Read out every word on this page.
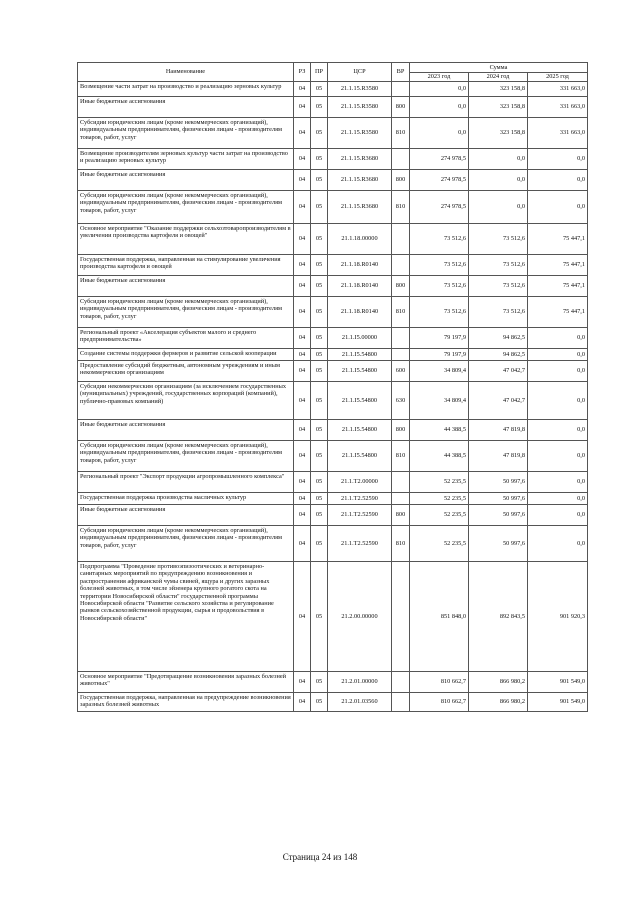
Наименование	РЗ	ПР	ЦСР	ВР	Сумма		
					2023 год	2024 год	2025 год
Возмещение части затрат на производство и реализацию зерновых культур	04	05	21.1.15.R3580		0,0	323 158,8	331 663,0
Иные бюджетные ассигнования	04	05	21.1.15.R3580	800	0,0	323 158,8	331 663,0
Субсидии юридическим лицам (кроме некоммерческих организаций), индивидуальным предпринимателям, физическим лицам - производителям товаров, работ, услуг	04	05	21.1.15.R3580	810	0,0	323 158,8	331 663,0
Возмещение производителям зерновых культур части затрат на производство и реализацию зерновых культур	04	05	21.1.15.R3680		274 978,5	0,0	0,0
Иные бюджетные ассигнования	04	05	21.1.15.R3680	800	274 978,5	0,0	0,0
Субсидии юридическим лицам (кроме некоммерческих организаций), индивидуальным предпринимателям, физическим лицам - производителям товаров, работ, услуг	04	05	21.1.15.R3680	810	274 978,5	0,0	0,0
Основное мероприятие "Оказание поддержки сельхозтоваропроизводителям в увеличении производства картофеля и овощей"	04	05	21.1.18.00000		73 512,6	73 512,6	75 447,1
Государственная поддержка, направленная на стимулирование увеличения производства картофеля и овощей	04	05	21.1.18.R0140		73 512,6	73 512,6	75 447,1
Иные бюджетные ассигнования	04	05	21.1.18.R0140	800	73 512,6	73 512,6	75 447,1
Субсидии юридическим лицам (кроме некоммерческих организаций), индивидуальным предпринимателям, физическим лицам - производителям товаров, работ, услуг	04	05	21.1.18.R0140	810	73 512,6	73 512,6	75 447,1
Региональный проект «Акселерация субъектов малого и среднего предпринимательства»	04	05	21.1.I5.00000		79 197,9	94 862,5	0,0
Создание системы поддержки фермеров и развитие сельской кооперации	04	05	21.1.I5.54800		79 197,9	94 862,5	0,0
Предоставление субсидий бюджетным, автономным учреждениям и иным некоммерческим организациям	04	05	21.1.I5.54800	600	34 809,4	47 042,7	0,0
Субсидии некоммерческим организациям (за исключением государственных (муниципальных) учреждений, государственных корпораций (компаний), публично-правовых компаний)	04	05	21.1.I5.54800	630	34 809,4	47 042,7	0,0
Иные бюджетные ассигнования	04	05	21.1.I5.54800	800	44 388,5	47 819,8	0,0
Субсидии юридическим лицам (кроме некоммерческих организаций), индивидуальным предпринимателям, физическим лицам - производителям товаров, работ, услуг	04	05	21.1.I5.54800	810	44 388,5	47 819,8	0,0
Региональный проект "Экспорт продукции агропромышленного комплекса"	04	05	21.1.T2.00000		52 235,5	50 997,6	0,0
Государственная поддержка производства масличных культур	04	05	21.1.T2.52590		52 235,5	50 997,6	0,0
Иные бюджетные ассигнования	04	05	21.1.T2.52590	800	52 235,5	50 997,6	0,0
Субсидии юридическим лицам (кроме некоммерческих организаций), индивидуальным предпринимателям, физическим лицам - производителям товаров, работ, услуг	04	05	21.1.T2.52590	810	52 235,5	50 997,6	0,0
Подпрограмма "Проведение противоэпизоотических и ветеринарно-санитарных мероприятий по предупреждению возникновения и распространения африканской чумы свиней, ящура и других заразных болезней животных, в том числе эйзенера крупного рогатого скота на территории Новосибирской области" государственной программы Новосибирской области "Развитие сельского хозяйства и регулирование рынков сельскохозяйственной продукции, сырья и продовольствия в Новосибирской области"	04	05	21.2.00.00000		851 848,0	892 843,5	901 920,3
Основное мероприятие "Предотвращение возникновения заразных болезней животных"	04	05	21.2.01.00000		810 662,7	866 980,2	901 549,0
Государственная поддержка, направленная на предупреждение возникновения заразных болезней животных	04	05	21.2.01.03560		810 662,7	866 980,2	901 549,0
Страница 24 из 148
